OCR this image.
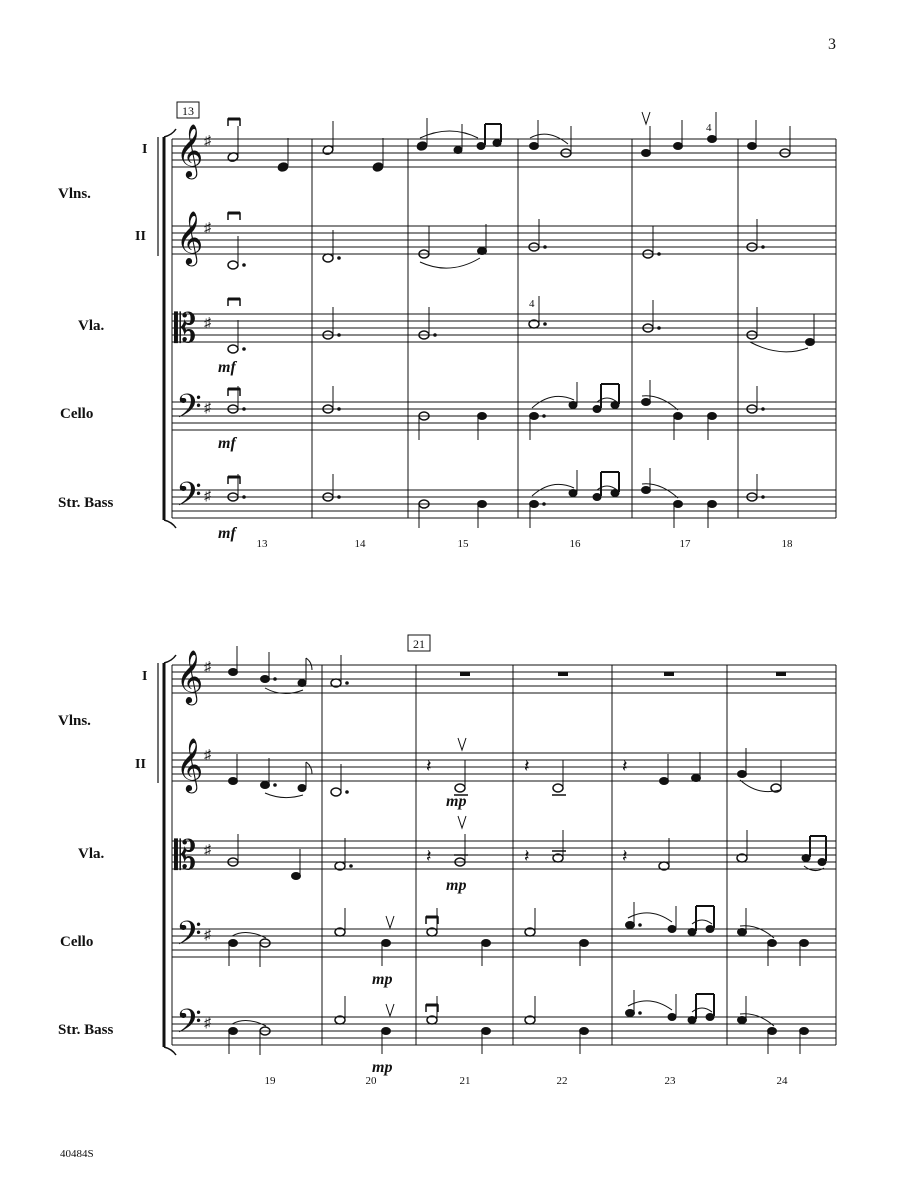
3
40484S
I
II
Vlns.
Vla.
Cello
Str. Bass
I
II
Vlns.
Vla.
Cello
Str. Bass
𝄞
𝄞
𝄡
𝄢
𝄢
♯
♯
♯
♯
♯
𝄞
𝄞
𝄡
𝄢
𝄢
♯
♯
♯
♯
♯
𝄽	𝄽	𝄽
𝄽	𝄽	𝄽
13
21
13	14	15	16	17	18
19	20	21	22	23	24
mf
mf
mf
mp
mp
mp
mp
4
4
